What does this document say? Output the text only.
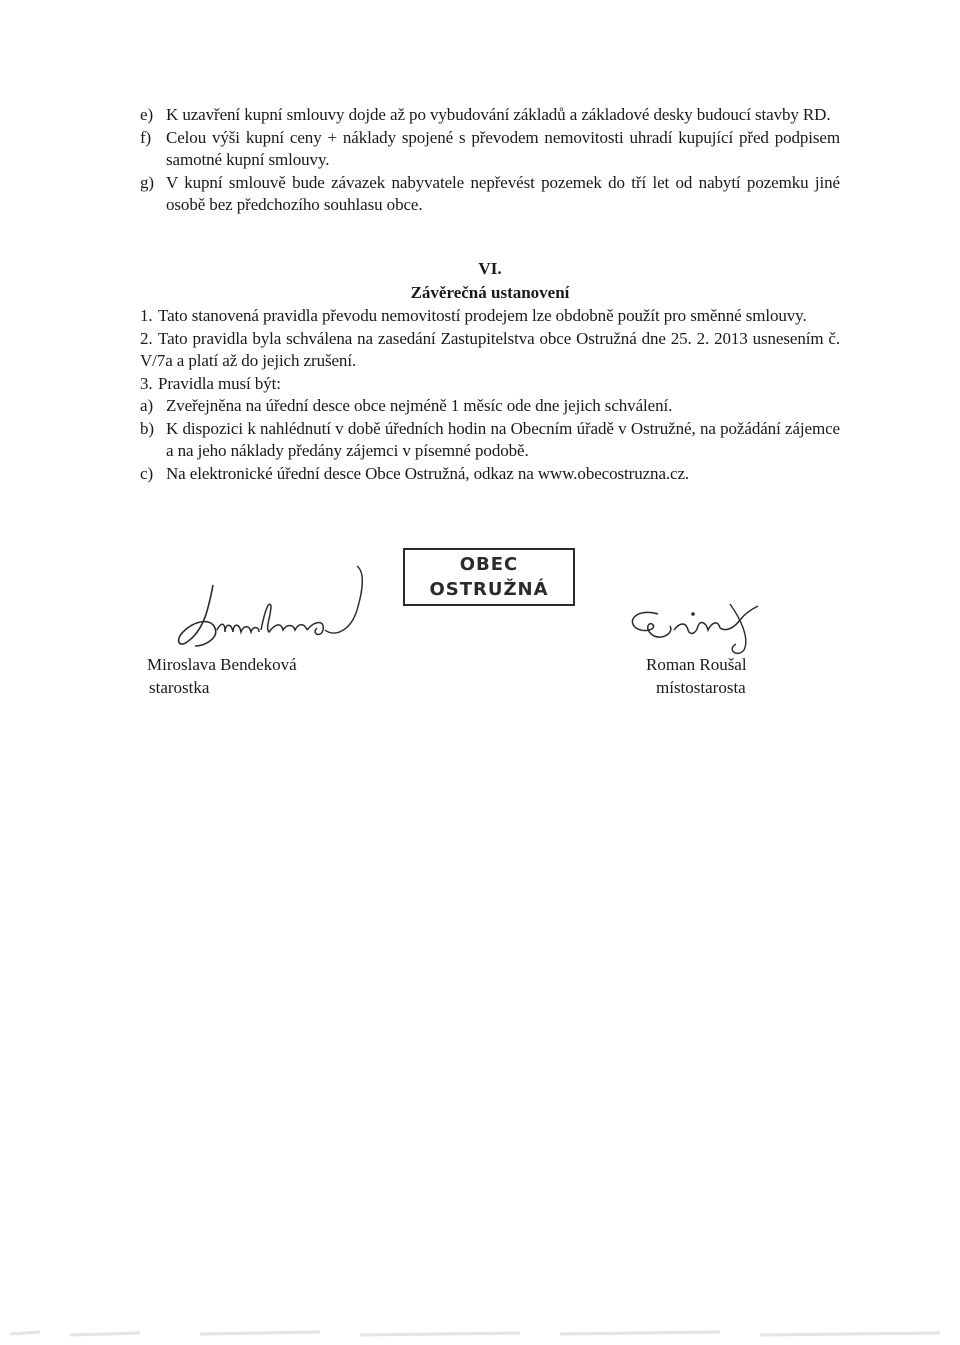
e) K uzavření kupní smlouvy dojde až po vybudování základů a základové desky budoucí stavby RD.
f) Celou výši kupní ceny + náklady spojené s převodem nemovitosti uhradí kupující před podpisem samotné kupní smlouvy.
g) V kupní smlouvě bude závazek nabyvatele nepřevést pozemek do tří let od nabytí pozemku jiné osobě bez předchozího souhlasu obce.
VI.
Závěrečná ustanovení
1. Tato stanovená pravidla převodu nemovitostí prodejem lze obdobně použít pro směnné smlouvy.
2. Tato pravidla byla schválena na zasedání Zastupitelstva obce Ostružná dne 25. 2. 2013 usnesením č. V/7a a platí až do jejich zrušení.
3. Pravidla musí být:
a) Zveřejněna na úřední desce obce nejméně 1 měsíc ode dne jejich schválení.
b) K dispozici k nahlédnutí v době úředních hodin na Obecním úřadě v Ostružné, na požádání zájemce a na jeho náklady předány zájemci v písemné podobě.
c) Na elektronické úřední desce Obce Ostružná, odkaz na www.obecostruzna.cz.
OBEC
OSTRUŽNÁ
Miroslava Bendeková
starostka
Roman Roušal
místostarosta
